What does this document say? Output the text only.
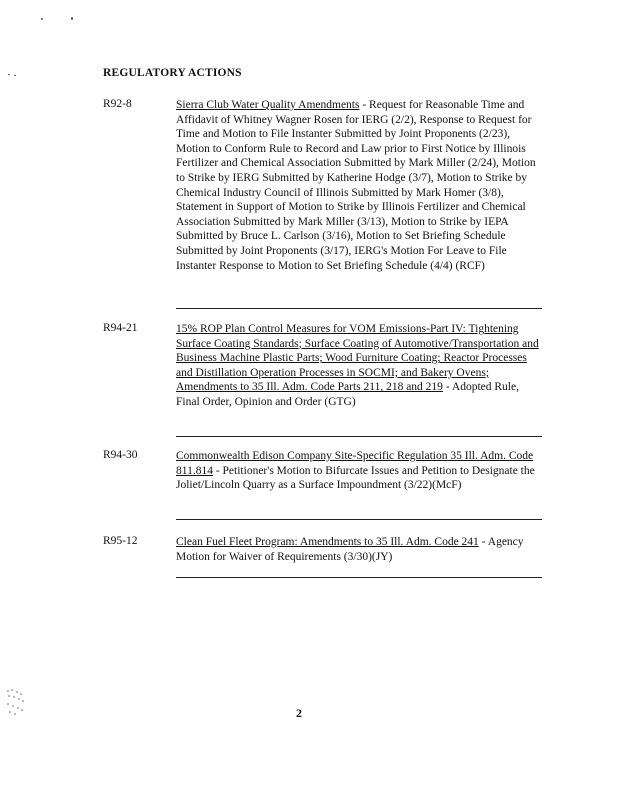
REGULATORY ACTIONS
R92-8	Sierra Club Water Quality Amendments - Request for Reasonable Time and Affidavit of Whitney Wagner Rosen for IERG (2/2), Response to Request for Time and Motion to File Instanter Submitted by Joint Proponents (2/23), Motion to Conform Rule to Record and Law prior to First Notice by Illinois Fertilizer and Chemical Association Submitted by Mark Miller (2/24), Motion to Strike by IERG Submitted by Katherine Hodge (3/7), Motion to Strike by Chemical Industry Council of Illinois Submitted by Mark Homer (3/8), Statement in Support of Motion to Strike by Illinois Fertilizer and Chemical Association Submitted by Mark Miller (3/13), Motion to Strike by IEPA Submitted by Bruce L. Carlson (3/16), Motion to Set Briefing Schedule Submitted by Joint Proponents (3/17), IERG's Motion For Leave to File Instanter Response to Motion to Set Briefing Schedule (4/4) (RCF)
R94-21	15% ROP Plan Control Measures for VOM Emissions-Part IV: Tightening Surface Coating Standards; Surface Coating of Automotive/Transportation and Business Machine Plastic Parts; Wood Furniture Coating; Reactor Processes and Distillation Operation Processes in SOCMI; and Bakery Ovens; Amendments to 35 Ill. Adm. Code Parts 211, 218 and 219 - Adopted Rule, Final Order, Opinion and Order (GTG)
R94-30	Commonwealth Edison Company Site-Specific Regulation 35 Ill. Adm. Code 811.814 - Petitioner's Motion to Bifurcate Issues and Petition to Designate the Joliet/Lincoln Quarry as a Surface Impoundment (3/22)(McF)
R95-12	Clean Fuel Fleet Program: Amendments to 35 Ill. Adm. Code 241 - Agency Motion for Waiver of Requirements (3/30)(JY)
2
